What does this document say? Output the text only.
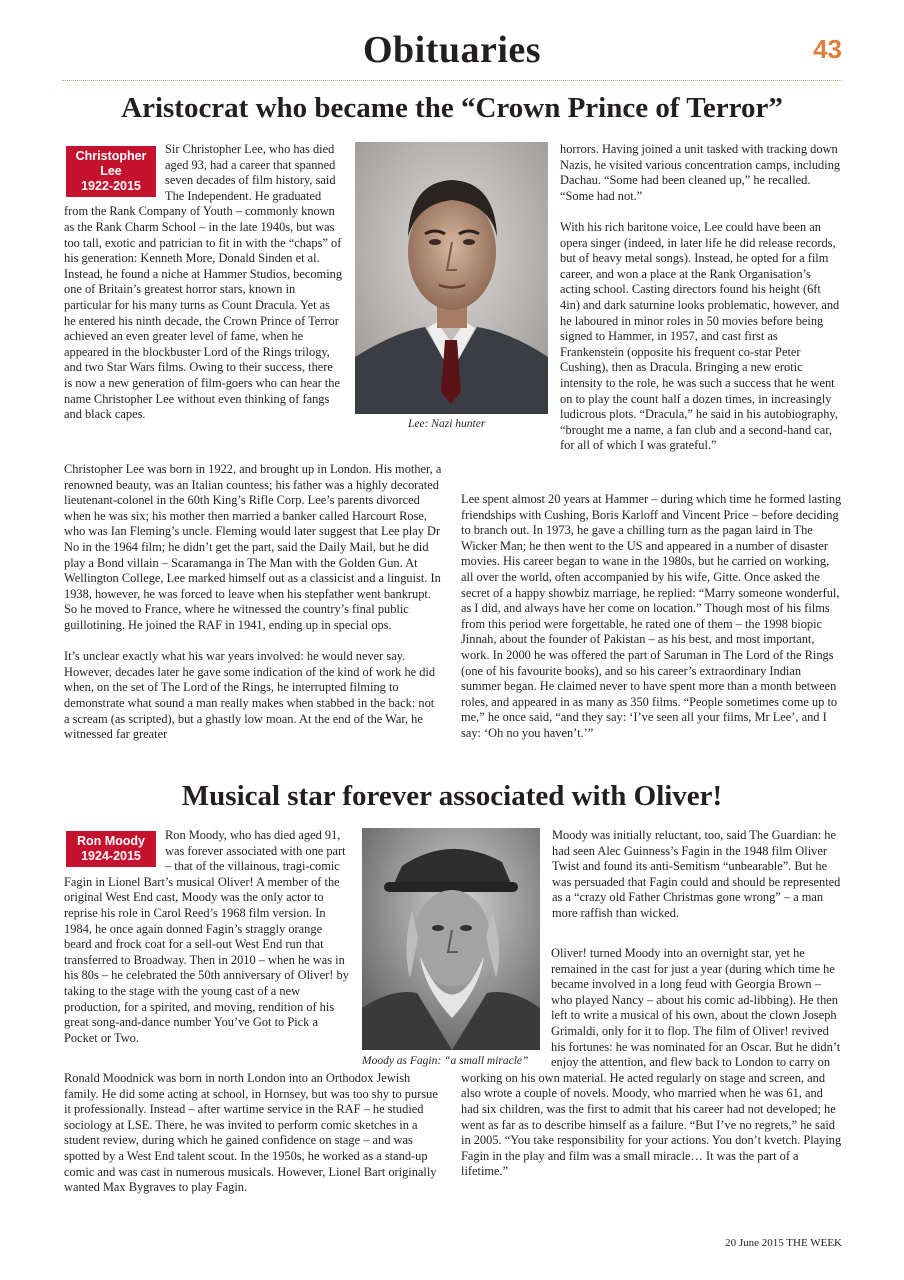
Obituaries	43
Aristocrat who became the “Crown Prince of Terror”
Christopher Lee
1922-2015

Sir Christopher Lee, who has died aged 93, had a career that spanned seven decades of film history, said The Independent. He graduated from the Rank Company of Youth – commonly known as the Rank Charm School – in the late 1940s, but was too tall, exotic and patrician to fit in with the “chaps” of his generation: Kenneth More, Donald Sinden et al. Instead, he found a niche at Hammer Studios, becoming one of Britain’s greatest horror stars, known in particular for his many turns as Count Dracula. Yet as he entered his ninth decade, the Crown Prince of Terror achieved an even greater level of fame, when he appeared in the blockbuster Lord of the Rings trilogy, and two Star Wars films. Owing to their success, there is now a new generation of film-goers who can hear the name Christopher Lee without even thinking of fangs and black capes.

Lee: Nazi hunter

horrors. Having joined a unit tasked with tracking down Nazis, he visited various concentration camps, including Dachau. “Some had been cleaned up,” he recalled. “Some had not.”

With his rich baritone voice, Lee could have been an opera singer (indeed, in later life he did release records, but of heavy metal songs). Instead, he opted for a film career, and won a place at the Rank Organisation’s acting school. Casting directors found his height (6ft 4in) and dark saturnine looks problematic, however, and he laboured in minor roles in 50 movies before being signed to Hammer, in 1957, and cast first as Frankenstein (opposite his frequent co-star Peter Cushing), then as Dracula. Bringing a new erotic intensity to the role, he was such a success that he went on to play the count half a dozen times, in increasingly ludicrous plots. “Dracula,” he said in his autobiography, “brought me a name, a fan club and a second-hand car, for all of which I was grateful.”

Christopher Lee was born in 1922, and brought up in London. His mother, a renowned beauty, was an Italian countess; his father was a highly decorated lieutenant-colonel in the 60th King’s Rifle Corp. Lee’s parents divorced when he was six; his mother then married a banker called Harcourt Rose, who was Ian Fleming’s uncle. Fleming would later suggest that Lee play Dr No in the 1964 film; he didn’t get the part, said the Daily Mail, but he did play a Bond villain – Scaramanga in The Man with the Golden Gun. At Wellington College, Lee marked himself out as a classicist and a linguist. In 1938, however, he was forced to leave when his stepfather went bankrupt. So he moved to France, where he witnessed the country’s final public guillotining. He joined the RAF in 1941, ending up in special ops.

It’s unclear exactly what his war years involved: he would never say. However, decades later he gave some indication of the kind of work he did when, on the set of The Lord of the Rings, he interrupted filming to demonstrate what sound a man really makes when stabbed in the back: not a scream (as scripted), but a ghastly low moan. At the end of the War, he witnessed far greater

Lee spent almost 20 years at Hammer – during which time he formed lasting friendships with Cushing, Boris Karloff and Vincent Price – before deciding to branch out. In 1973, he gave a chilling turn as the pagan laird in The Wicker Man; he then went to the US and appeared in a number of disaster movies. His career began to wane in the 1980s, but he carried on working, all over the world, often accompanied by his wife, Gitte. Once asked the secret of a happy showbiz marriage, he replied: “Marry someone wonderful, as I did, and always have her come on location.” Though most of his films from this period were forgettable, he rated one of them – the 1998 biopic Jinnah, about the founder of Pakistan – as his best, and most important, work. In 2000 he was offered the part of Saruman in The Lord of the Rings (one of his favourite books), and so his career’s extraordinary Indian summer began. He claimed never to have spent more than a month between roles, and appeared in as many as 350 films. “People sometimes come up to me,” he once said, “and they say: ‘I’ve seen all your films, Mr Lee’, and I say: ‘Oh no you haven’t.’”

Musical star forever associated with Oliver!
Ron Moody
1924-2015

Ron Moody, who has died aged 91, was forever associated with one part – that of the villainous, tragi-comic Fagin in Lionel Bart’s musical Oliver! A member of the original West End cast, Moody was the only actor to reprise his role in Carol Reed’s 1968 film version. In 1984, he once again donned Fagin’s straggly orange beard and frock coat for a sell-out West End run that transferred to Broadway. Then in 2010 – when he was in his 80s – he celebrated the 50th anniversary of Oliver! by taking to the stage with the young cast of a new production, for a spirited, and moving, rendition of his great song-and-dance number You’ve Got to Pick a Pocket or Two.

Moody as Fagin: “a small miracle”

Moody was initially reluctant, too, said The Guardian: he had seen Alec Guinness’s Fagin in the 1948 film Oliver Twist and found its anti-Semitism “unbearable”. But he was persuaded that Fagin could and should be represented as a “crazy old Father Christmas gone wrong” – a man more raffish than wicked.

Ronald Moodnick was born in north London into an Orthodox Jewish family. He did some acting at school, in Hornsey, but was too shy to pursue it professionally. Instead – after wartime service in the RAF – he studied sociology at LSE. There, he was invited to perform comic sketches in a student review, during which he gained confidence on stage – and was spotted by a West End talent scout. In the 1950s, he worked as a stand-up comic and was cast in numerous musicals. However, Lionel Bart originally wanted Max Bygraves to play Fagin.

Oliver! turned Moody into an overnight star, yet he remained in the cast for just a year (during which time he became involved in a long feud with Georgia Brown – who played Nancy – about his comic ad-libbing). He then left to write a musical of his own, about the clown Joseph Grimaldi, only for it to flop. The film of Oliver! revived his fortunes: he was nominated for an Oscar. But he didn’t enjoy the attention, and flew back to London to carry on working on his own material. He acted regularly on stage and screen, and also wrote a couple of novels. Moody, who married when he was 61, and had six children, was the first to admit that his career had not developed; he went as far as to describe himself as a failure. “But I’ve no regrets,” he said in 2005. “You take responsibility for your actions. You don’t kvetch. Playing Fagin in the play and film was a small miracle… It was the part of a lifetime.”

20 June 2015 THE WEEK
